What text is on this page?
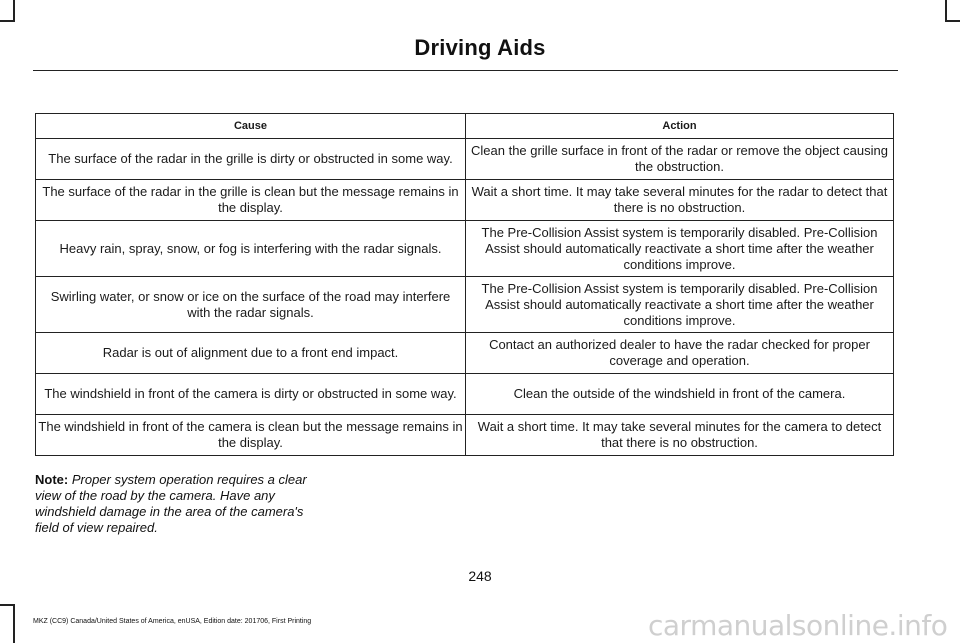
Driving Aids
Cause	Action
The surface of the radar in the grille is dirty or obstructed in some way.	Clean the grille surface in front of the radar or remove the object causing the obstruction.
The surface of the radar in the grille is clean but the message remains in the display.	Wait a short time. It may take several minutes for the radar to detect that there is no obstruction.
Heavy rain, spray, snow, or fog is interfering with the radar signals.	The Pre-Collision Assist system is temporarily disabled. Pre-Collision Assist should automatically reactivate a short time after the weather conditions improve.
Swirling water, or snow or ice on the surface of the road may interfere with the radar signals.	The Pre-Collision Assist system is temporarily disabled. Pre-Collision Assist should automatically reactivate a short time after the weather conditions improve.
Radar is out of alignment due to a front end impact.	Contact an authorized dealer to have the radar checked for proper coverage and operation.
The windshield in front of the camera is dirty or obstructed in some way.	Clean the outside of the windshield in front of the camera.
The windshield in front of the camera is clean but the message remains in the display.	Wait a short time. It may take several minutes for the camera to detect that there is no obstruction.
Note: Proper system operation requires a clear view of the road by the camera. Have any windshield damage in the area of the camera's field of view repaired.
248
MKZ (CC9) Canada/United States of America, enUSA, Edition date: 201706, First Printing	carmanualsonline.info
